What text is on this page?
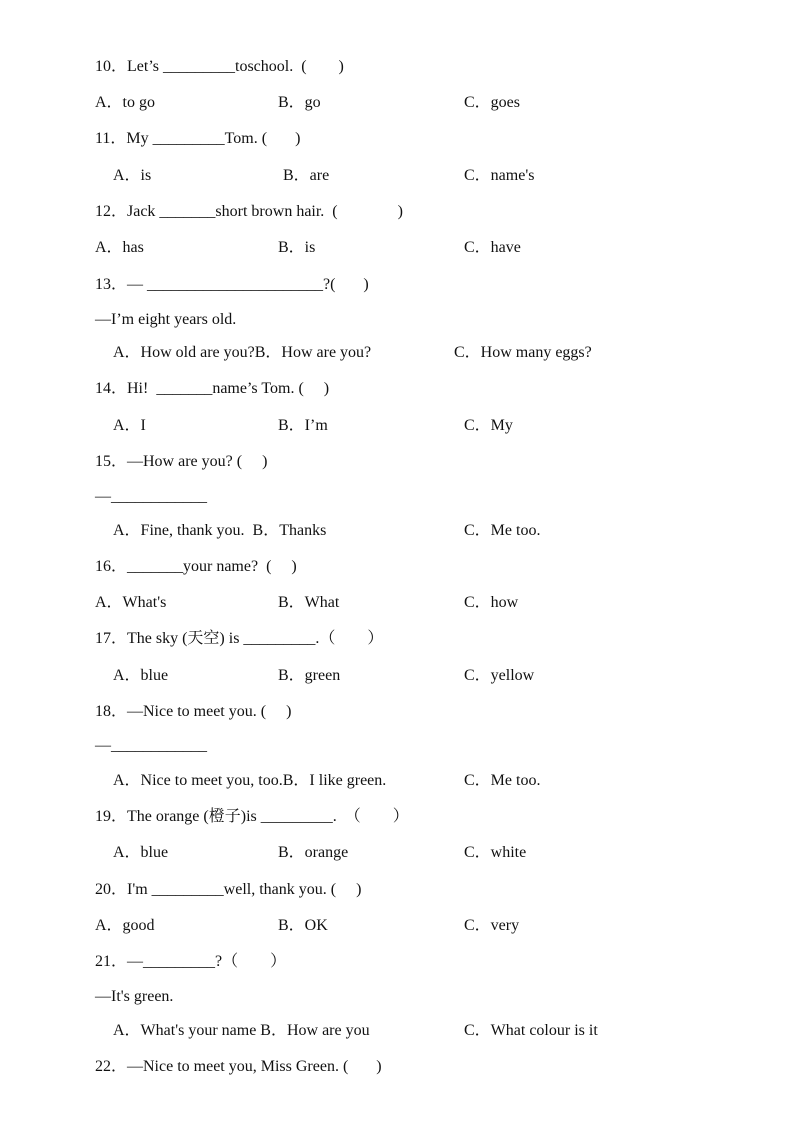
10．Let’s _________toschool.  (        )
A．to go	B．go	C．goes
11．My _________Tom. (       )
A．is	B．are	C．name's
12．Jack _______short brown hair.  (               )
A．has	B．is	C．have
13．— ______________________?(       )
—I’m eight years old.
A．How old are you?B．How are you?	C．How many eggs?
14．Hi!  _______name’s Tom. (     )
A．I	B．I’m	C．My
15．—How are you? (     )
—____________
A．Fine, thank you.  B．Thanks	C．Me too.
16．_______your name?  (     )
A．What's	B．What	C．how
17．The sky (天空) is _________.（        ）
A．blue	B．green	C．yellow
18．—Nice to meet you. (     )
—____________
A．Nice to meet you, too.B．I like green.	C．Me too.
19．The orange (橙子)is _________.  （        ）
A．blue	B．orange	C．white
20．I'm _________well, thank you. (     )
A．good	B．OK	C．very
21．—_________?（        ）
—It's green.
A．What's your name B．How are you	C．What colour is it
22．—Nice to meet you, Miss Green. (       )
